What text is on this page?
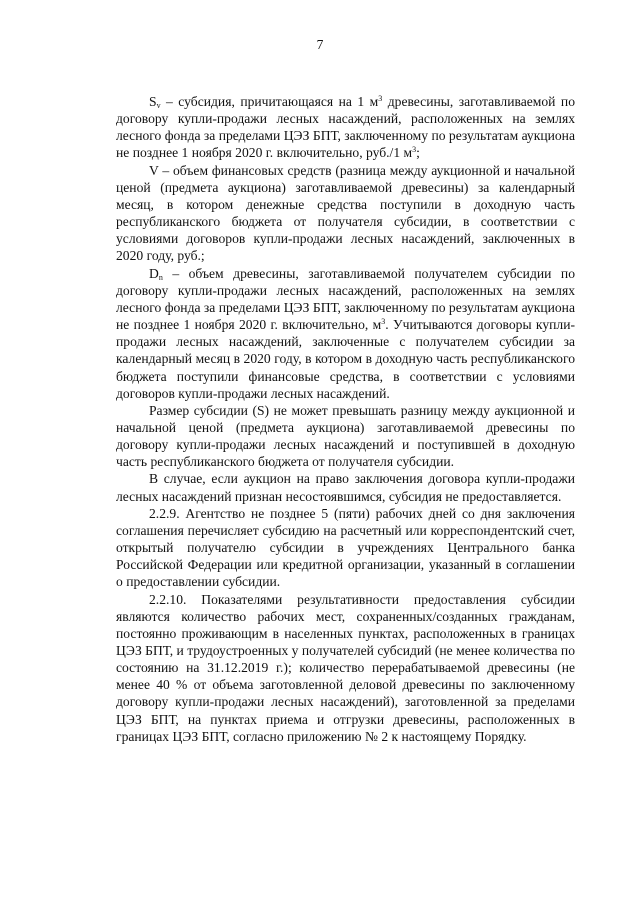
7

$S_v$ – субсидия, причитающаяся на 1 $м^3$ древесины, заготавливаемой по договору купли-продажи лесных насаждений, расположенных на землях лесного фонда за пределами ЦЭЗ БПТ, заключенному по результатам аукциона не позднее 1 ноября 2020 г. включительно, руб./1 $м^3$;

V – объем финансовых средств (разница между аукционной и начальной ценой (предмета аукциона) заготавливаемой древесины) за календарный месяц, в котором денежные средства поступили в доходную часть республиканского бюджета от получателя субсидии, в соответствии с условиями договоров купли-продажи лесных насаждений, заключенных в 2020 году, руб.;

$D_n$ – объем древесины, заготавливаемой получателем субсидии по договору купли-продажи лесных насаждений, расположенных на землях лесного фонда за пределами ЦЭЗ БПТ, заключенному по результатам аукциона не позднее 1 ноября 2020 г. включительно, $м^3$. Учитываются договоры купли-продажи лесных насаждений, заключенные с получателем субсидии за календарный месяц в 2020 году, в котором в доходную часть республиканского бюджета поступили финансовые средства, в соответствии с условиями договоров купли-продажи лесных насаждений.

Размер субсидии (S) не может превышать разницу между аукционной и начальной ценой (предмета аукциона) заготавливаемой древесины по договору купли-продажи лесных насаждений и поступившей в доходную часть республиканского бюджета от получателя субсидии.

В случае, если аукцион на право заключения договора купли-продажи лесных насаждений признан несостоявшимся, субсидия не предоставляется.

2.2.9. Агентство не позднее 5 (пяти) рабочих дней со дня заключения соглашения перечисляет субсидию на расчетный или корреспондентский счет, открытый получателю субсидии в учреждениях Центрального банка Российской Федерации или кредитной организации, указанный в соглашении о предоставлении субсидии.

2.2.10. Показателями результативности предоставления субсидии являются количество рабочих мест, сохраненных/созданных гражданам, постоянно проживающим в населенных пунктах, расположенных в границах ЦЭЗ БПТ, и трудоустроенных у получателей субсидий (не менее количества по состоянию на 31.12.2019 г.); количество перерабатываемой древесины (не менее 40 % от объема заготовленной деловой древесины по заключенному договору купли-продажи лесных насаждений), заготовленной за пределами ЦЭЗ БПТ, на пунктах приема и отгрузки древесины, расположенных в границах ЦЭЗ БПТ, согласно приложению № 2 к настоящему Порядку.
